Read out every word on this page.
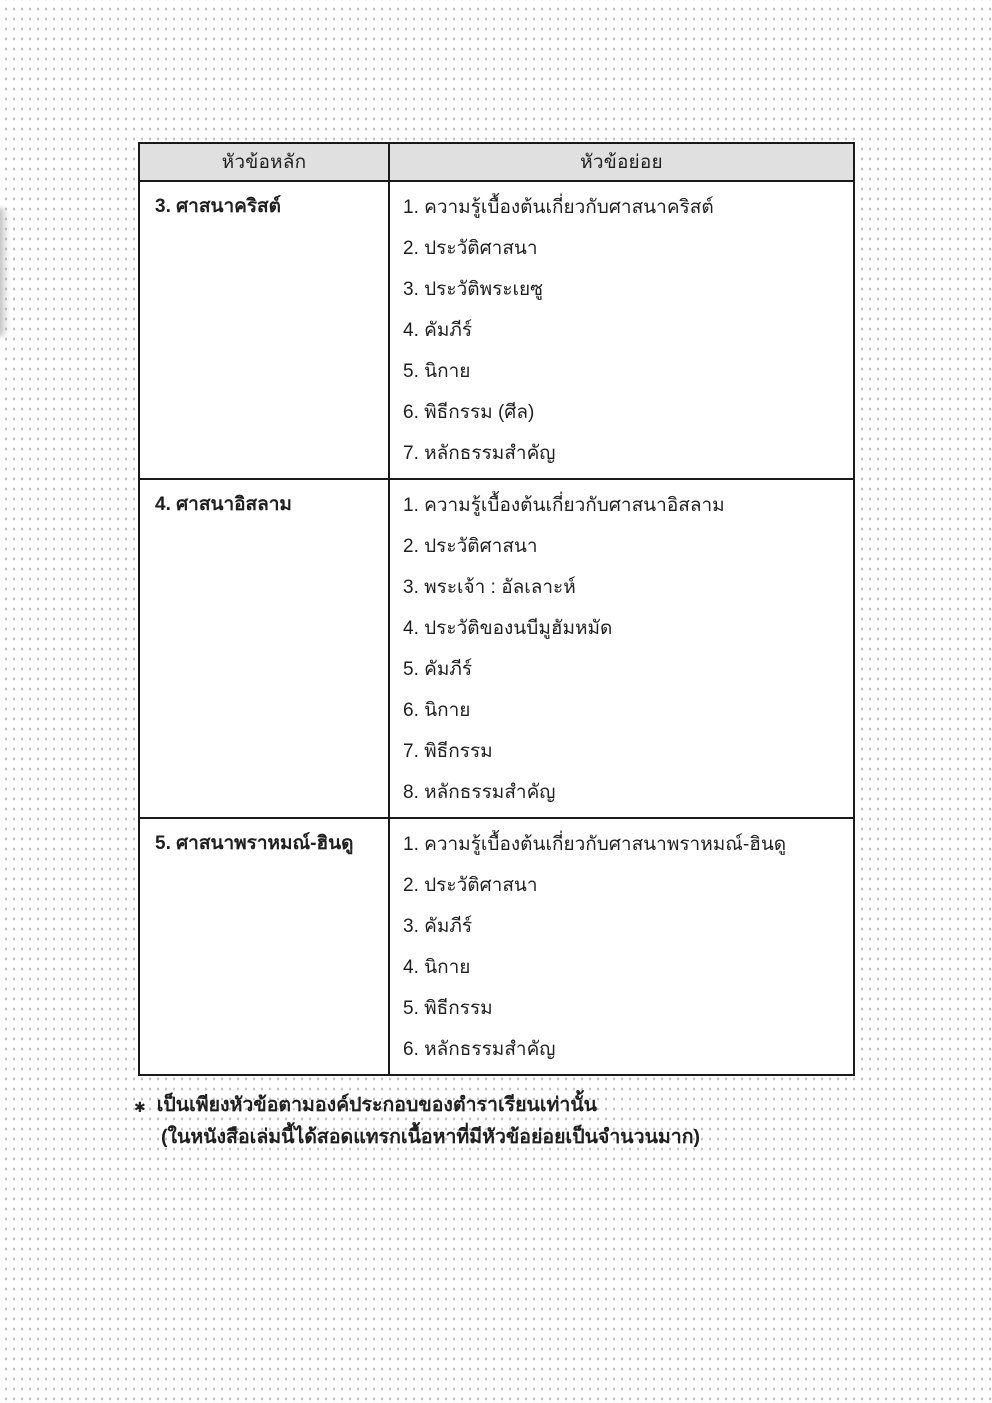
หัวข้อหลัก	หัวข้อย่อย
3. ศาสนาคริสต์	1. ความรู้เบื้องต้นเกี่ยวกับศาสนาคริสต์
2. ประวัติศาสนา
3. ประวัติพระเยซู
4. คัมภีร์
5. นิกาย
6. พิธีกรรม (ศีล)
7. หลักธรรมสำคัญ
4. ศาสนาอิสลาม	1. ความรู้เบื้องต้นเกี่ยวกับศาสนาอิสลาม
2. ประวัติศาสนา
3. พระเจ้า : อัลเลาะห์
4. ประวัติของนบีมูฮัมหมัด
5. คัมภีร์
6. นิกาย
7. พิธีกรรม
8. หลักธรรมสำคัญ
5. ศาสนาพราหมณ์-ฮินดู	1. ความรู้เบื้องต้นเกี่ยวกับศาสนาพราหมณ์-ฮินดู
2. ประวัติศาสนา
3. คัมภีร์
4. นิกาย
5. พิธีกรรม
6. หลักธรรมสำคัญ
✱ เป็นเพียงหัวข้อตามองค์ประกอบของตำราเรียนเท่านั้น
(ในหนังสือเล่มนี้ได้สอดแทรกเนื้อหาที่มีหัวข้อย่อยเป็นจำนวนมาก)
